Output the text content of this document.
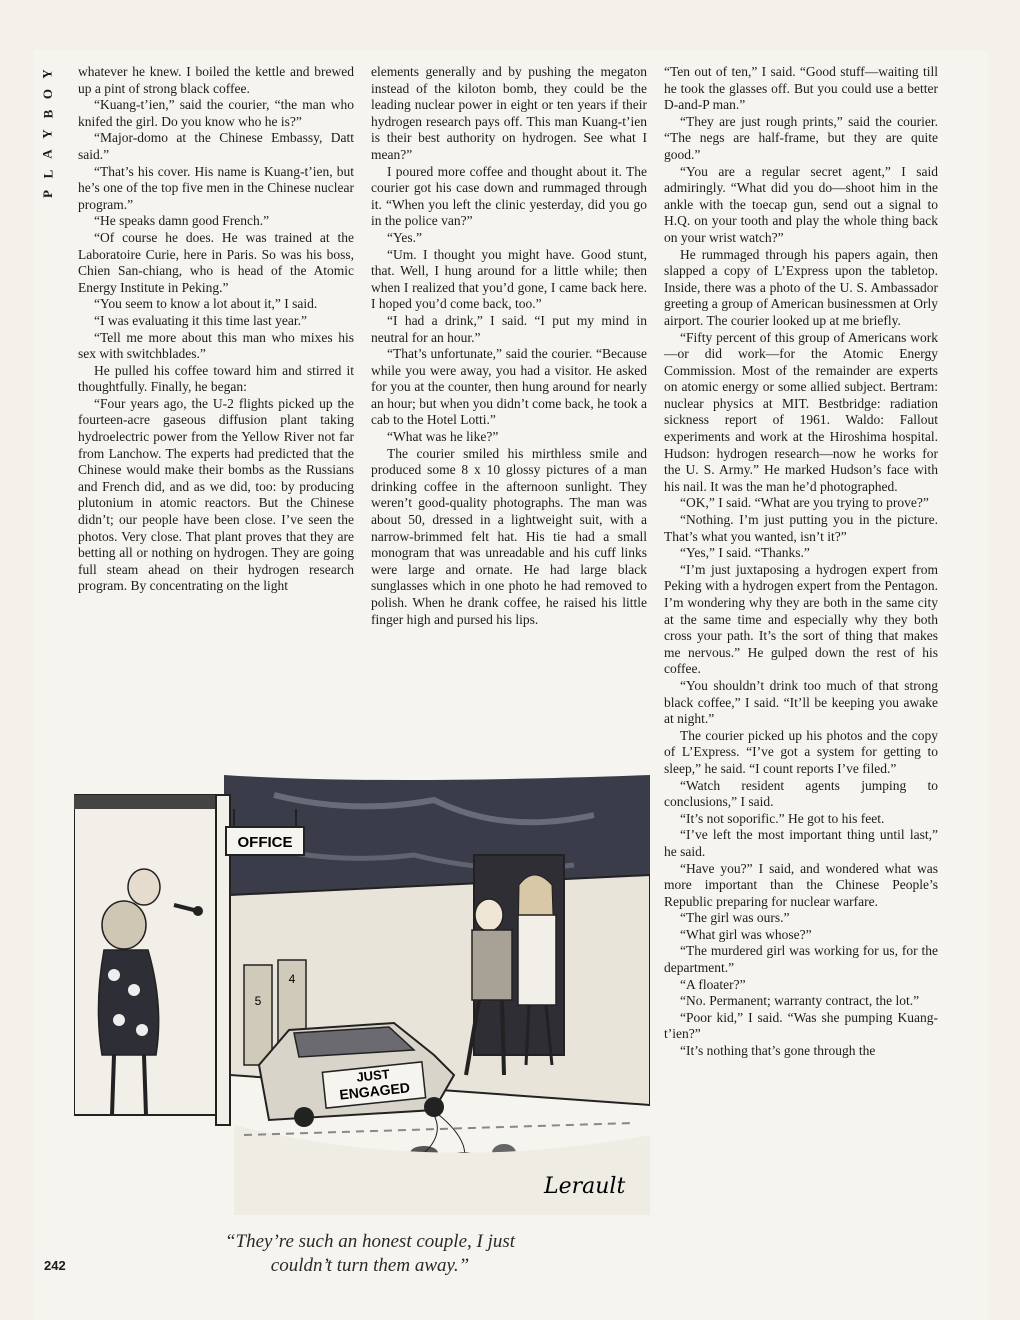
Y
O
B
Y
A
L
P

whatever he knew. I boiled the kettle and brewed up a pint of strong black coffee.

“Kuang-t’ien,” said the courier, “the man who knifed the girl. Do you know who he is?”

“Major-domo at the Chinese Embassy, Datt said.”

“That’s his cover. His name is Kuang-t’ien, but he’s one of the top five men in the Chinese nuclear program.”

“He speaks damn good French.”

“Of course he does. He was trained at the Laboratoire Curie, here in Paris. So was his boss, Chien San-chiang, who is head of the Atomic Energy Institute in Peking.”

“You seem to know a lot about it,” I said.

“I was evaluating it this time last year.”

“Tell me more about this man who mixes his sex with switchblades.”

He pulled his coffee toward him and stirred it thoughtfully. Finally, he began:

“Four years ago, the U-2 flights picked up the fourteen-acre gaseous diffusion plant taking hydroelectric power from the Yellow River not far from Lanchow. The experts had predicted that the Chinese would make their bombs as the Russians and French did, and as we did, too: by producing plutonium in atomic reactors. But the Chinese didn’t; our people have been close. I’ve seen the photos. Very close. That plant proves that they are betting all or nothing on hydrogen. They are going full steam ahead on their hydrogen research program. By concentrating on the light

elements generally and by pushing the megaton instead of the kiloton bomb, they could be the leading nuclear power in eight or ten years if their hydrogen research pays off. This man Kuang-t’ien is their best authority on hydrogen. See what I mean?”

I poured more coffee and thought about it. The courier got his case down and rummaged through it. “When you left the clinic yesterday, did you go in the police van?”

“Yes.”

“Um. I thought you might have. Good stunt, that. Well, I hung around for a little while; then when I realized that you’d gone, I came back here. I hoped you’d come back, too.”

“I had a drink,” I said. “I put my mind in neutral for an hour.”

“That’s unfortunate,” said the courier. “Because while you were away, you had a visitor. He asked for you at the counter, then hung around for nearly an hour; but when you didn’t come back, he took a cab to the Hotel Lotti.”

“What was he like?”

The courier smiled his mirthless smile and produced some 8 x 10 glossy pictures of a man drinking coffee in the afternoon sunlight. They weren’t good-quality photographs. The man was about 50, dressed in a lightweight suit, with a narrow-brimmed felt hat. His tie had a small monogram that was unreadable and his cuff links were large and ornate. He had large black sunglasses which in one photo he had removed to polish. When he drank coffee, he raised his little finger high and pursed his lips.

“Ten out of ten,” I said. “Good stuff—waiting till he took the glasses off. But you could use a better D-and-P man.”

“They are just rough prints,” said the courier. “The negs are half-frame, but they are quite good.”

“You are a regular secret agent,” I said admiringly. “What did you do—shoot him in the ankle with the toecap gun, send out a signal to H.Q. on your tooth and play the whole thing back on your wrist watch?”

He rummaged through his papers again, then slapped a copy of L’Express upon the tabletop. Inside, there was a photo of the U. S. Ambassador greeting a group of American businessmen at Orly airport. The courier looked up at me briefly.

“Fifty percent of this group of Americans work—or did work—for the Atomic Energy Commission. Most of the remainder are experts on atomic energy or some allied subject. Bertram: nuclear physics at MIT. Bestbridge: radiation sickness report of 1961. Waldo: Fallout experiments and work at the Hiroshima hospital. Hudson: hydrogen research—now he works for the U. S. Army.” He marked Hudson’s face with his nail. It was the man he’d photographed.

“OK,” I said. “What are you trying to prove?”

“Nothing. I’m just putting you in the picture. That’s what you wanted, isn’t it?”

“Yes,” I said. “Thanks.”

“I’m just juxtaposing a hydrogen expert from Peking with a hydrogen expert from the Pentagon. I’m wondering why they are both in the same city at the same time and especially why they both cross your path. It’s the sort of thing that makes me nervous.” He gulped down the rest of his coffee.

“You shouldn’t drink too much of that strong black coffee,” I said. “It’ll be keeping you awake at night.”

The courier picked up his photos and the copy of L’Express. “I’ve got a system for getting to sleep,” he said. “I count reports I’ve filed.”

“Watch resident agents jumping to conclusions,” I said.

“It’s not soporific.” He got to his feet.

“I’ve left the most important thing until last,” he said.

“Have you?” I said, and wondered what was more important than the Chinese People’s Republic preparing for nuclear warfare.

“The girl was ours.”

“What girl was whose?”

“The murdered girl was working for us, for the department.”

“A floater?”

“No. Permanent; warranty contract, the lot.”

“Poor kid,” I said. “Was she pumping Kuang-t’ien?”

“It’s nothing that’s gone through the

OFFICE
5
4
JUST
ENGAGED
Lerault
“They’re such an honest couple, I just
couldn’t turn them away.”
242
